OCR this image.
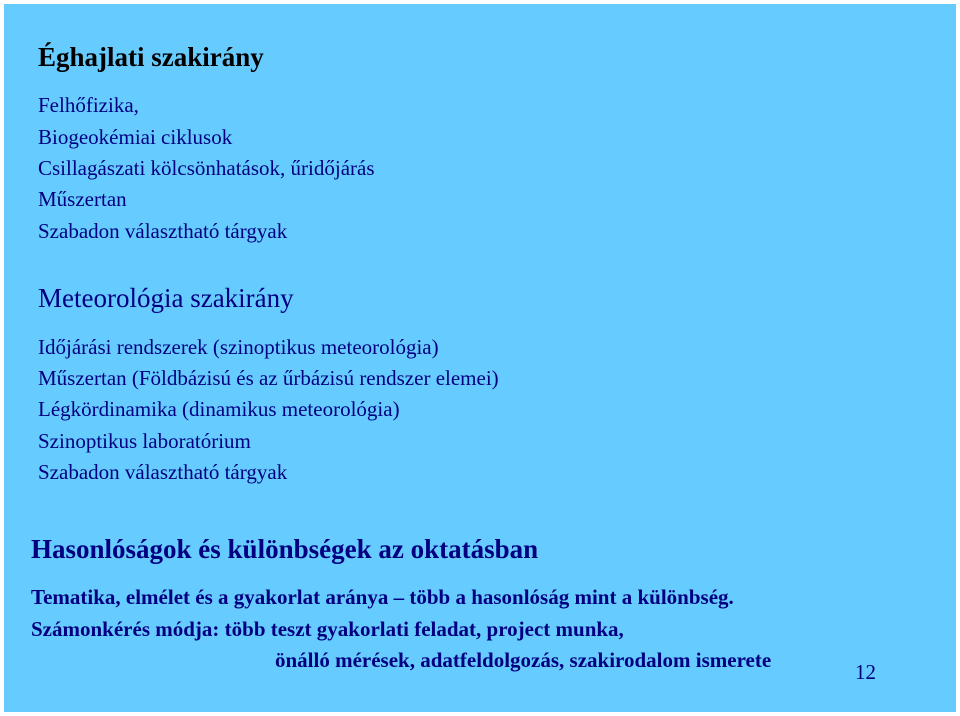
Éghajlati szakirány
Felhőfizika,
Biogeokémiai ciklusok
Csillagászati kölcsönhatások, űridőjárás
Műszertan
Szabadon választható tárgyak
Meteorológia szakirány
Időjárási rendszerek (szinoptikus meteorológia)
Műszertan (Földbázisú és az űrbázisú rendszer elemei)
Légkördinamika (dinamikus meteorológia)
Szinoptikus laboratórium
Szabadon választható tárgyak
Hasonlóságok és különbségek az oktatásban
Tematika, elmélet és a gyakorlat aránya – több a hasonlóság mint a különbség.
Számonkérés módja: több teszt gyakorlati feladat, project munka,
önálló mérések, adatfeldolgozás, szakirodalom ismerete	12
